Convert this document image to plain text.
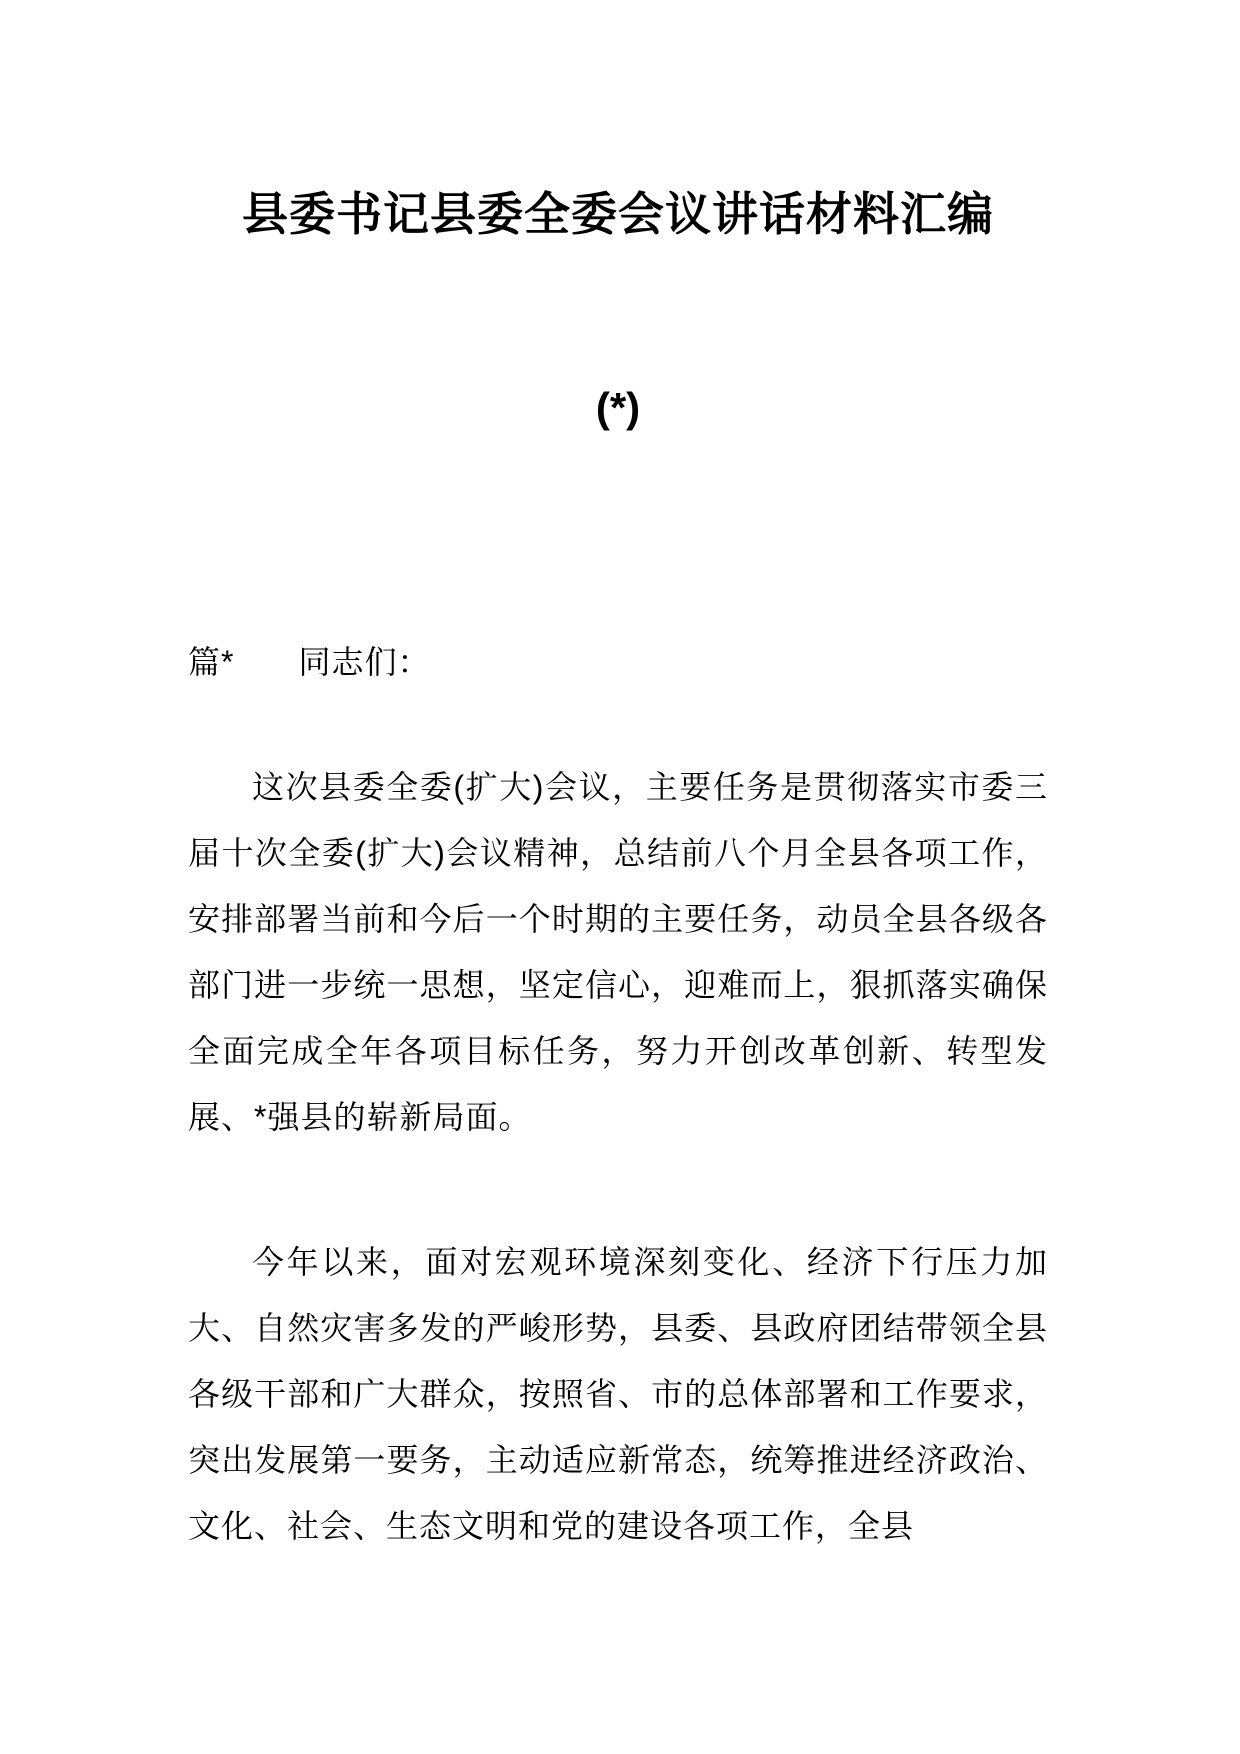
县委书记县委全委会议讲话材料汇编
(*)
篇* 同志们：

这次县委全委(扩大)会议，主要任务是贯彻落实市委三届十次全委(扩大)会议精神，总结前八个月全县各项工作，安排部署当前和今后一个时期的主要任务，动员全县各级各部门进一步统一思想，坚定信心，迎难而上，狠抓落实确保全面完成全年各项目标任务，努力开创改革创新、转型发展、*强县的崭新局面。

今年以来，面对宏观环境深刻变化、经济下行压力加大、自然灾害多发的严峻形势，县委、县政府团结带领全县各级干部和广大群众，按照省、市的总体部署和工作要求，突出发展第一要务，主动适应新常态，统筹推进经济政治、文化、社会、生态文明和党的建设各项工作，全县
